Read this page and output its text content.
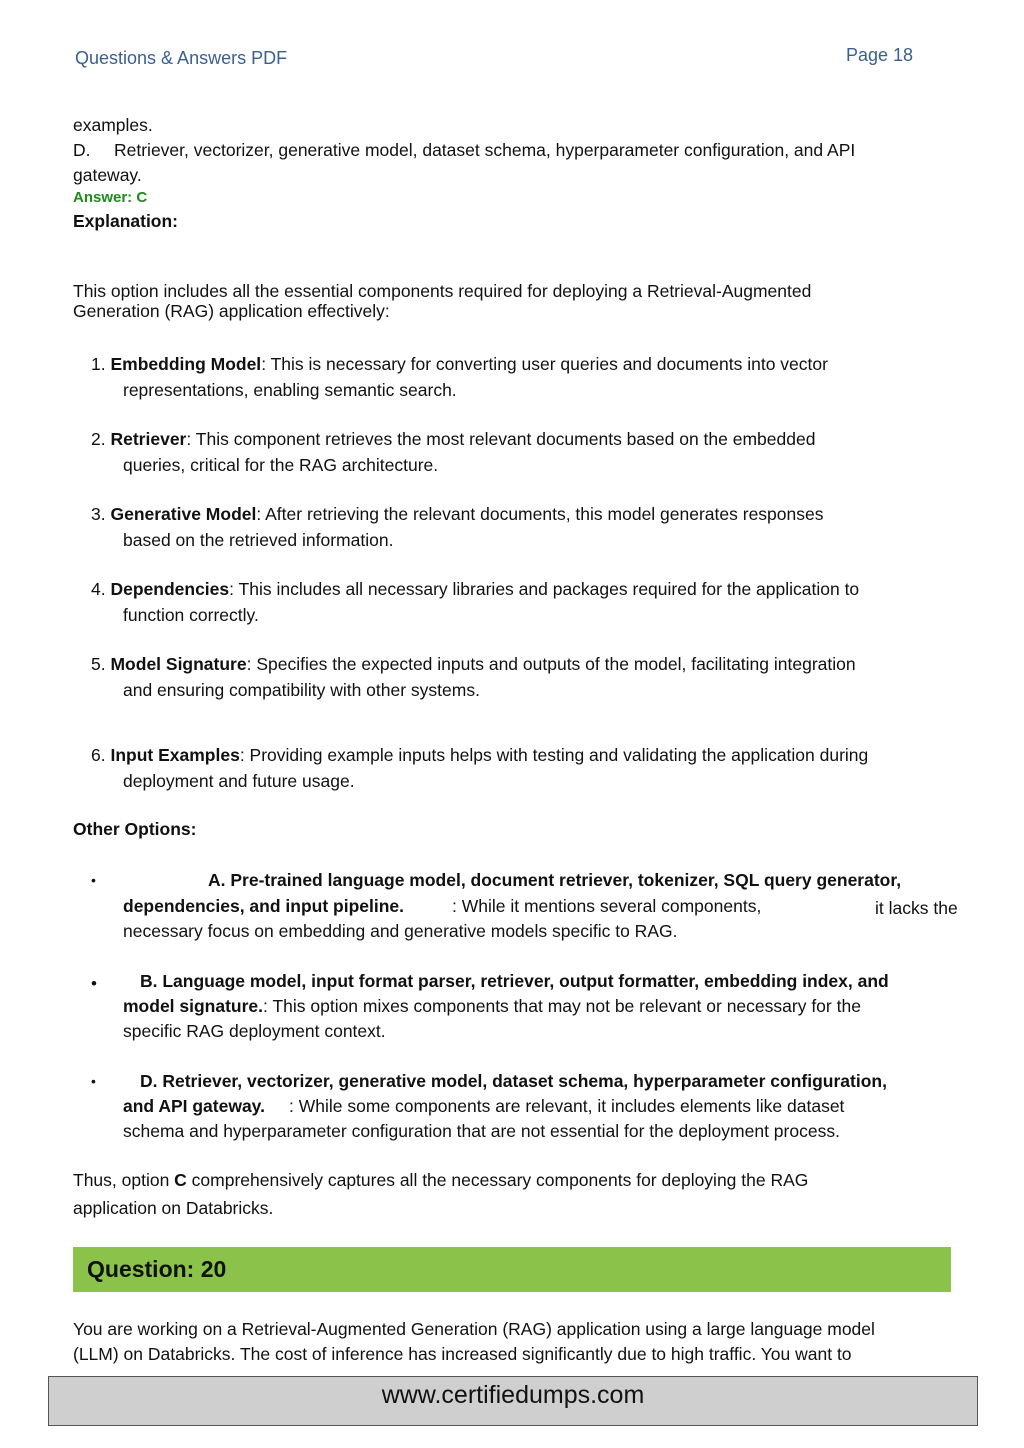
Questions & Answers PDF	Page 18
examples.
D. Retriever, vectorizer, generative model, dataset schema, hyperparameter configuration, and API
gateway.
Answer: C
Explanation:
This option includes all the essential components required for deploying a Retrieval-Augmented
Generation (RAG) application effectively:
1. Embedding Model: This is necessary for converting user queries and documents into vector
representations, enabling semantic search.
2. Retriever: This component retrieves the most relevant documents based on the embedded
queries, critical for the RAG architecture.
3. Generative Model: After retrieving the relevant documents, this model generates responses
based on the retrieved information.
4. Dependencies: This includes all necessary libraries and packages required for the application to
function correctly.
5. Model Signature: Specifies the expected inputs and outputs of the model, facilitating integration
and ensuring compatibility with other systems.
6. Input Examples: Providing example inputs helps with testing and validating the application during
deployment and future usage.
Other Options:
•	A. Pre-trained language model, document retriever, tokenizer, SQL query generator,
dependencies, and input pipeline.	: While it mentions several components,	it lacks the
necessary focus on embedding and generative models specific to RAG.
• B. Language model, input format parser, retriever, output formatter, embedding index, and
model signature.: This option mixes components that may not be relevant or necessary for the
specific RAG deployment context.
•	D. Retriever, vectorizer, generative model, dataset schema, hyperparameter configuration,
and API gateway. : While some components are relevant, it includes elements like dataset
schema and hyperparameter configuration that are not essential for the deployment process.
Thus, option C comprehensively captures all the necessary components for deploying the RAG
application on Databricks.
Question: 20
You are working on a Retrieval-Augmented Generation (RAG) application using a large language model
(LLM) on Databricks. The cost of inference has increased significantly due to high traffic. You want to
www.certifiedumps.com
